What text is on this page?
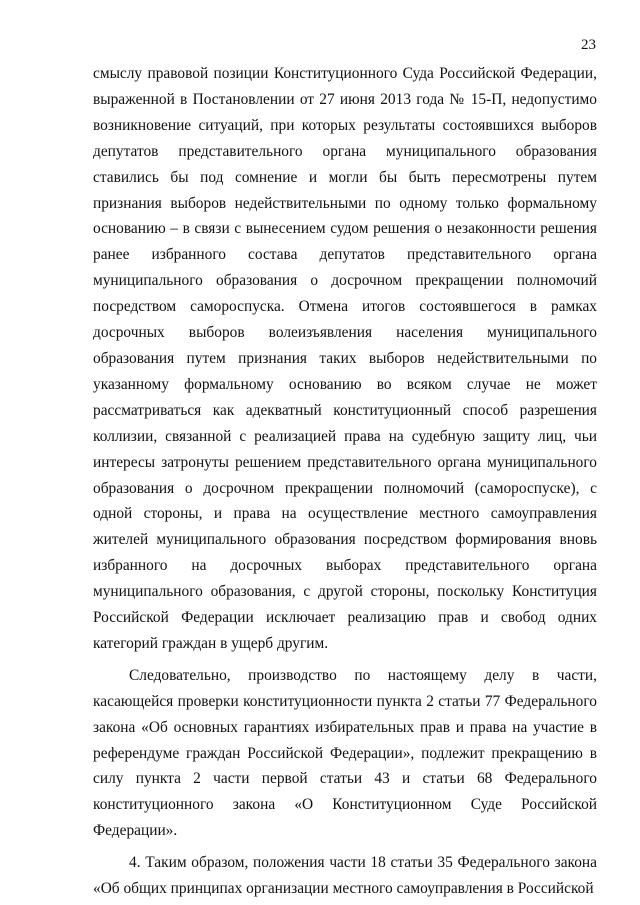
23

смыслу правовой позиции Конституционного Суда Российской Федерации, выраженной в Постановлении от 27 июня 2013 года № 15-П, недопустимо возникновение ситуаций, при которых результаты состоявшихся выборов депутатов представительного органа муниципального образования ставились бы под сомнение и могли бы быть пересмотрены путем признания выборов недействительными по одному только формальному основанию – в связи с вынесением судом решения о незаконности решения ранее избранного состава депутатов представительного органа муниципального образования о досрочном прекращении полномочий посредством самороспуска. Отмена итогов состоявшегося в рамках досрочных выборов волеизъявления населения муниципального образования путем признания таких выборов недействительными по указанному формальному основанию во всяком случае не может рассматриваться как адекватный конституционный способ разрешения коллизии, связанной с реализацией права на судебную защиту лиц, чьи интересы затронуты решением представительного органа муниципального образования о досрочном прекращении полномочий (самороспуске), с одной стороны, и права на осуществление местного самоуправления жителей муниципального образования посредством формирования вновь избранного на досрочных выборах представительного органа муниципального образования, с другой стороны, поскольку Конституция Российской Федерации исключает реализацию прав и свобод одних категорий граждан в ущерб другим.

Следовательно, производство по настоящему делу в части, касающейся проверки конституционности пункта 2 статьи 77 Федерального закона «Об основных гарантиях избирательных прав и права на участие в референдуме граждан Российской Федерации», подлежит прекращению в силу пункта 2 части первой статьи 43 и статьи 68 Федерального конституционного закона «О Конституционном Суде Российской Федерации».

4. Таким образом, положения части 18 статьи 35 Федерального закона «Об общих принципах организации местного самоуправления в Российской
